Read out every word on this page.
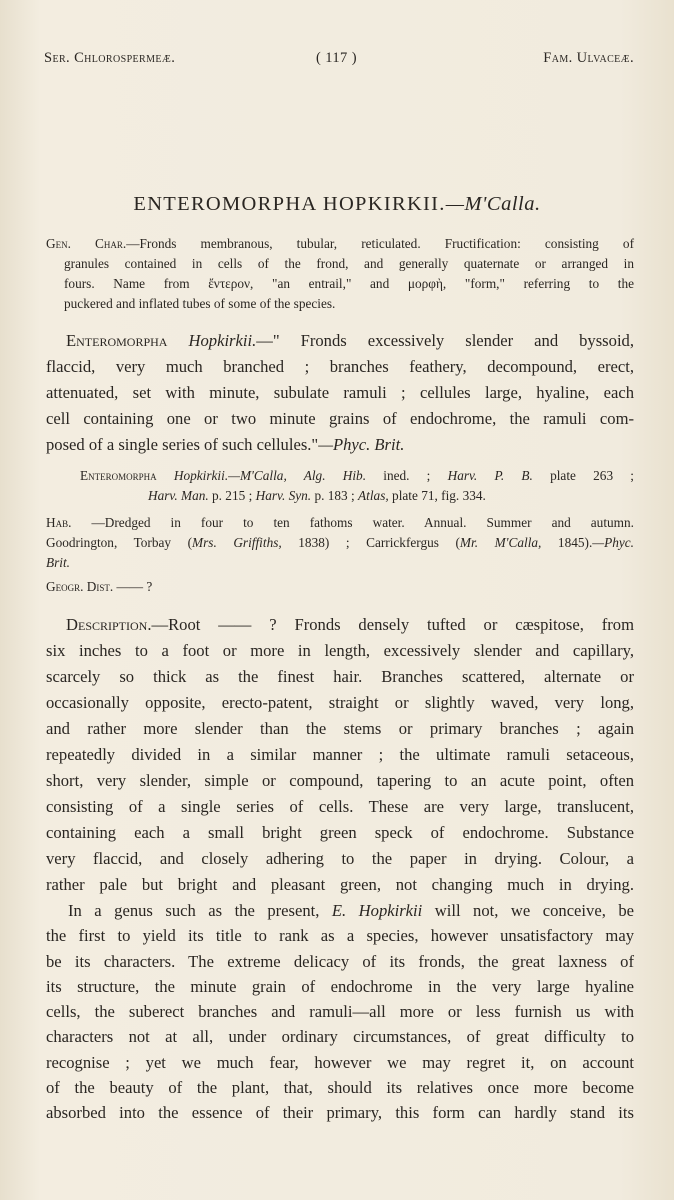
Ser. Chlorospermeæ.	( 117 )	Fam. Ulvaceæ.
ENTEROMORPHA HOPKIRKII.—M'Calla.
Gen. Char.—Fronds membranous, tubular, reticulated. Fructification: consisting of
granules contained in cells of the frond, and generally quaternate or arranged in
fours. Name from ἔντερον, "an entrail," and μορφὴ, "form," referring to the
puckered and inflated tubes of some of the species.
Enteromorpha Hopkirkii.—" Fronds excessively slender and byssoid,
flaccid, very much branched ; branches feathery, decompound, erect,
attenuated, set with minute, subulate ramuli ; cellules large, hyaline, each
cell containing one or two minute grains of endochrome, the ramuli com-
posed of a single series of such cellules."—Phyc. Brit.
Enteromorpha Hopkirkii.—M'Calla, Alg. Hib. ined. ; Harv. P. B. plate 263 ;
Harv. Man. p. 215 ; Harv. Syn. p. 183 ; Atlas, plate 71, fig. 334.
Hab. —Dredged in four to ten fathoms water. Annual. Summer and autumn.
Goodrington, Torbay (Mrs. Griffiths, 1838) ; Carrickfergus (Mr. M'Calla, 1845).—Phyc.
Brit.
Geogr. Dist. —— ?
Description.—Root —— ? Fronds densely tufted or cæspitose, from
six inches to a foot or more in length, excessively slender and capillary,
scarcely so thick as the finest hair. Branches scattered, alternate or
occasionally opposite, erecto-patent, straight or slightly waved, very long,
and rather more slender than the stems or primary branches ; again
repeatedly divided in a similar manner ; the ultimate ramuli setaceous,
short, very slender, simple or compound, tapering to an acute point, often
consisting of a single series of cells. These are very large, translucent,
containing each a small bright green speck of endochrome. Substance
very flaccid, and closely adhering to the paper in drying. Colour, a
rather pale but bright and pleasant green, not changing much in drying.
In a genus such as the present, E. Hopkirkii will not, we conceive, be
the first to yield its title to rank as a species, however unsatisfactory may
be its characters. The extreme delicacy of its fronds, the great laxness of
its structure, the minute grain of endochrome in the very large hyaline
cells, the suberect branches and ramuli—all more or less furnish us with
characters not at all, under ordinary circumstances, of great difficulty to
recognise ; yet we much fear, however we may regret it, on account
of the beauty of the plant, that, should its relatives once more become
absorbed into the essence of their primary, this form can hardly stand its
